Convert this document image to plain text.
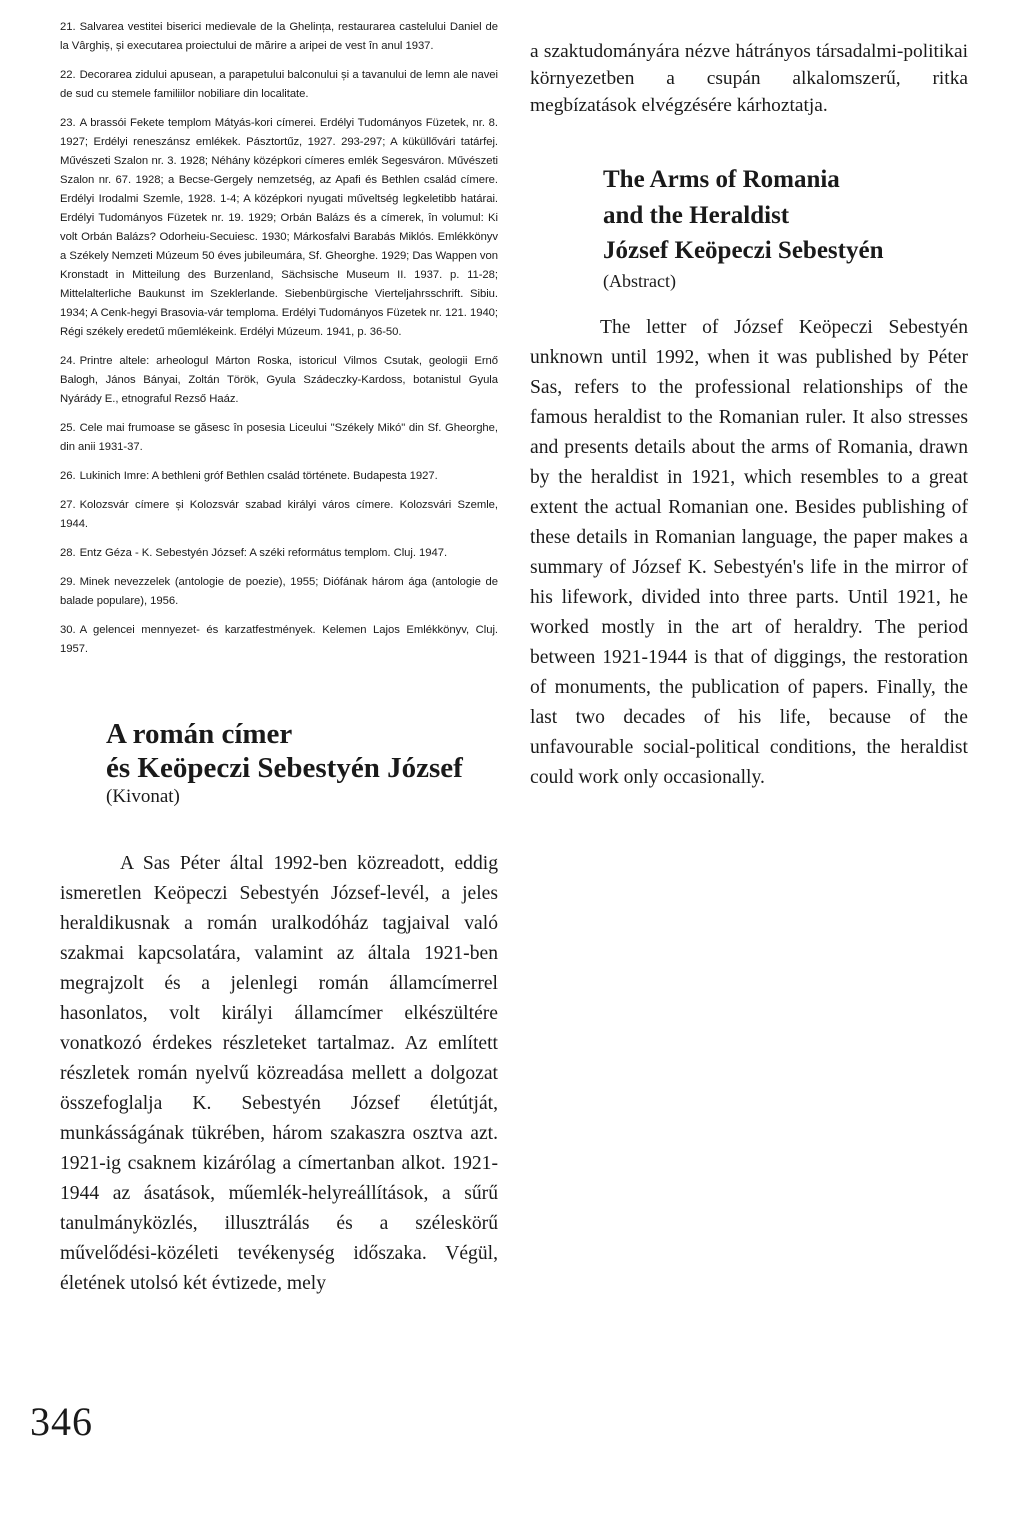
21. Salvarea vestitei biserici medievale de la Ghelința, restaurarea castelului Daniel de la Vârghiș, și executarea proiectului de mărire a aripei de vest în anul 1937.
22. Decorarea zidului apusean, a parapetului balconului și a tavanului de lemn ale navei de sud cu stemele familiilor nobiliare din localitate.
23. A brassói Fekete templom Mátyás-kori címerei. Erdélyi Tudományos Füzetek, nr. 8. 1927; Erdélyi reneszánsz emlékek. Pásztortűz, 1927. 293-297; A küküllővári tatárfej. Művészeti Szalon nr. 3. 1928; Néhány középkori címeres emlék Segesváron. Művészeti Szalon nr. 67. 1928; a Becse-Gergely nemzetség, az Apafi és Bethlen család címere. Erdélyi Irodalmi Szemle, 1928. 1-4; A középkori nyugati műveltség legkeletibb határai. Erdélyi Tudományos Füzetek nr. 19. 1929; Orbán Balázs és a címerek, în volumul: Ki volt Orbán Balázs? Odorheiu-Secuiesc. 1930; Márkosfalvi Barabás Miklós. Emlékkönyv a Székely Nemzeti Múzeum 50 éves jubileumára, Sf. Gheorghe. 1929; Das Wappen von Kronstadt in Mitteilung des Burzenland, Sächsische Museum II. 1937. p. 11-28; Mittelalterliche Baukunst im Szeklerlande. Siebenbürgische Vierteljahrsschrift. Sibiu. 1934; A Cenk-hegyi Brasovia-vár temploma. Erdélyi Tudományos Füzetek nr. 121. 1940; Régi székely eredetű műemlékeink. Erdélyi Múzeum. 1941, p. 36-50.
24. Printre altele: arheologul Márton Roska, istoricul Vilmos Csutak, geologii Ernő Balogh, János Bányai, Zoltán Török, Gyula Szádeczky-Kardoss, botanistul Gyula Nyárády E., etnograful Rezső Haáz.
25. Cele mai frumoase se găsesc în posesia Liceului "Székely Mikó" din Sf. Gheorghe, din anii 1931-37.
26. Lukinich Imre: A bethleni gróf Bethlen család története. Budapesta 1927.
27. Kolozsvár címere și Kolozsvár szabad királyi város címere. Kolozsvári Szemle, 1944.
28. Entz Géza - K. Sebestyén József: A széki református templom. Cluj. 1947.
29. Minek nevezzelek (antologie de poezie), 1955; Diófának három ága (antologie de balade populare), 1956.
30. A gelencei mennyezet- és karzatfestmények. Kelemen Lajos Emlékkönyv, Cluj. 1957.
A román címer
és Keöpeczi Sebestyén József
(Kivonat)

A Sas Péter által 1992-ben közreadott, eddig ismeretlen Keöpeczi Sebestyén József-levél, a jeles heraldikusnak a román uralkodóház tagjaival való szakmai kapcsolatára, valamint az általa 1921-ben megrajzolt és a jelenlegi román államcímerrel hasonlatos, volt királyi államcímer elkészültére vonatkozó érdekes részleteket tartalmaz. Az említett részletek román nyelvű közreadása mellett a dolgozat összefoglalja K. Sebestyén József életútját, munkásságának tükrében, három szakaszra osztva azt. 1921-ig csaknem kizárólag a címertanban alkot. 1921-1944 az ásatások, műemlék-helyreállítások, a sűrű tanulmányközlés, illusztrálás és a széleskörű művelődési-közéleti tevékenység időszaka. Végül, életének utolsó két évtizede, mely

a szaktudományára nézve hátrányos társadalmi-politikai környezetben a csupán alkalomszerű, ritka megbízatások elvégzésére kárhoztatja.

The Arms of Romania
and the Heraldist
József Keöpeczi Sebestyén
(Abstract)

The letter of József Keöpeczi Sebestyén unknown until 1992, when it was published by Péter Sas, refers to the professional relationships of the famous heraldist to the Romanian ruler. It also stresses and presents details about the arms of Romania, drawn by the heraldist in 1921, which resembles to a great extent the actual Romanian one. Besides publishing of these details in Romanian language, the paper makes a summary of József K. Sebestyén's life in the mirror of his lifework, divided into three parts. Until 1921, he worked mostly in the art of heraldry. The period between 1921-1944 is that of diggings, the restoration of monuments, the publication of papers. Finally, the last two decades of his life, because of the unfavourable social-political conditions, the heraldist could work only occasionally.

346
